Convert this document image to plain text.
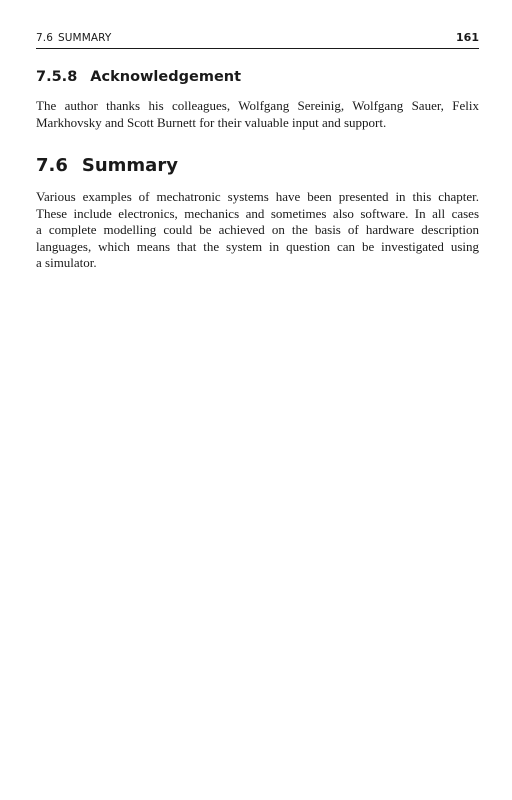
7.6 SUMMARY	161
7.5.8 Acknowledgement

The author thanks his colleagues, Wolfgang Sereinig, Wolfgang Sauer, Felix
Markhovsky and Scott Burnett for their valuable input and support.

7.6 Summary

Various examples of mechatronic systems have been presented in this chapter.
These include electronics, mechanics and sometimes also software. In all cases
a complete modelling could be achieved on the basis of hardware description
languages, which means that the system in question can be investigated using
a simulator.
